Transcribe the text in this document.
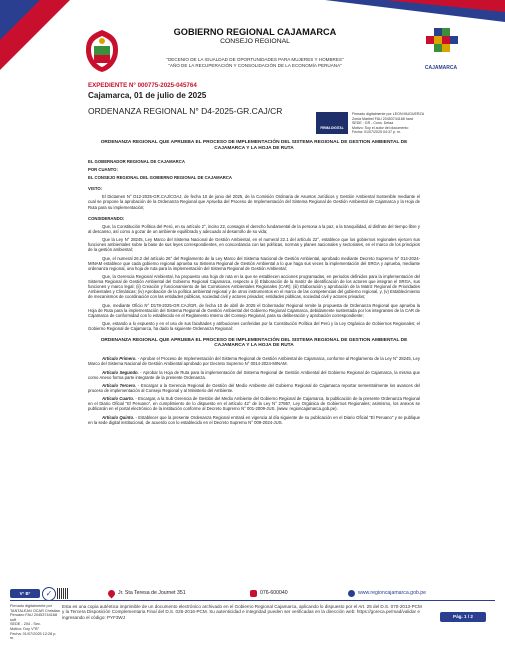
GOBIERNO REGIONAL CAJAMARCA
CONSEJO REGIONAL
"DECENIO DE LA IGUALDAD DE OPORTUNIDADES PARA MUJERES Y HOMBRES"
"AÑO DE LA RECUPERACIÓN Y CONSOLIDACIÓN DE LA ECONOMÍA PERUANA"	CAJAMARCA
EXPEDIENTE N° 000775-2025-045764
Cajamarca, 01 de julio de 2025
ORDENANZA REGIONAL N° D4-2025-GR.CAJ/CR
FIRMA DIGITAL
Firmado digitalmente por LEON MUGUERZA
Zonia Maribel FAU 20453744168 hard
SEDE : GR - Cons. Delaa
Motivo: Soy el autor del documento
Fecha: 01/07/2025 04:37 p. m.

ORDENANZA REGIONAL QUE APRUEBA EL PROCESO DE IMPLEMENTACIÓN DEL SISTEMA REGIONAL DE GESTION AMBIENTAL DE CAJAMARCA Y LA HOJA DE RUTA

EL GOBERNADOR REGIONAL DE CAJAMARCA

POR CUANTO:

EL CONSEJO REGIONAL DEL GOBIERNO REGIONAL DE CAJAMARCA

VISTO:

El Dictamen N° D12-2025-GR.CAJ/COAJ, de fecha 10 de junio del 2025, de la Comisión Ordinaria de Asuntos Jurídicos y Gestión Ambiental Sostenible mediante el cual se propone la aprobación de la Ordenanza Regional que Aprueba del Proceso de Implementación del Sistema Regional de Gestión Ambiental de Cajamarca y la Hoja de Ruta para su implementación;

CONSIDERANDO:

Que, la Constitución Política del Perú, en su artículo 2°, inciso 22, consagra el derecho fundamental de la persona a la paz, a la tranquilidad, al disfrute del tiempo libre y al descanso, así como a gozar de un ambiente equilibrado y adecuado al desarrollo de su vida;

Que la Ley N° 28245, Ley Marco del Sistema Nacional de Gestión Ambiental, en el numeral 22.1 del artículo 22°, establece que los gobiernos regionales ejercen sus funciones ambientales sobre la base de sus leyes correspondientes, en concordancia con las políticas, normas y planes nacionales y sectoriales, en el marco de los principios de la gestión ambiental;

Que, el numeral 26.2 del artículo 26° del Reglamento de la Ley Marco del Sistema Nacional de Gestión Ambiental, aprobado mediante Decreto Supremo N° 014-2024-MINAM establece que cada gobierno regional aprueba su Sistema Regional de Gestión Ambiental a lo que haga sus veces la implementación del SRGA y aprueba, mediante ordenanza regional, una hoja de ruta para la implementación del Sistema Regional de Gestión Ambiental;

Que, la Gerencia Regional Ambiental, ha propuesto una hoja de ruta en la que se establecen acciones programadas, en periodos definidos para la implementación del Sistema Regional de Gestión Ambiental del Gobierno Regional Cajamarca, respecto a (i) Elaboración de la matriz de identificación de los actores que integran el SRGA, sus funciones y marco legal; (ii) Creación y funcionamiento de las Comisiones Ambientales Regionales (CAR); (iii) Elaboración y aprobación de la Matriz Regional de Prioridades Ambientales y Climáticas; (iv) Aprobación de la política ambiental regional y de otros instrumentos en el marco de las competencias del gobierno regional, y, (v) Establecimiento de mecanismos de coordinación con las entidades públicas, sociedad civil y actores privados; entidades públicas, sociedad civil y actores privados;

Que, mediante Oficio N° D178-2025-GR.CAJ/GR, de fecha 10 de abril de 2025 el Gobernador Regional remite la propuesta de Ordenanza Regional que aprueba la Hoja de Ruta para la implementación del Sistema Regional de Gestión Ambiental del Gobierno Regional Cajamarca, debidamente sustentada por los integrantes de la CAR de Cajamarca de conformidad con lo establecido en el Reglamento Interno del Consejo Regional, para su deliberación y aprobación correspondiente;

Que, estando a lo expuesto y en el uso de sus facultades y atribuciones conferidas por la Constitución Política del Perú y la Ley Orgánica de Gobiernos Regionales; el Gobierno Regional de Cajamarca, ha dado la siguiente Ordenanza Regional:

ORDENANZA REGIONAL QUE APRUEBA EL PROCESO DE IMPLEMENTACIÓN DEL SISTEMA REGIONAL DE GESTION AMBIENTAL DE CAJAMARCA Y LA HOJA DE RUTA

Artículo Primero. - Aprobar el Proceso de Implementación del Sistema Regional de Gestión Ambiental de Cajamarca, conforme al Reglamento de la Ley N° 28245, Ley Marco del Sistema Nacional de Gestión Ambiental aprobado por Decreto Supremo N° 0014-2024-MINAM.

Artículo Segundo. - Aprobar la Hoja de Ruta para la implementación del Sistema Regional de Gestión Ambiental del Gobierno Regional de Cajamarca, la misma que como Anexo forma parte integrante de la presente Ordenanza.

Artículo Tercero. - Encargar a la Gerencia Regional de Gestión del Medio Ambiente del Gobierno Regional de Cajamarca reportar semestralmente los avances del proceso de implementación al Consejo Regional y al Ministerio del Ambiente.

Artículo Cuarto. - Encargar, a la Sub Gerencia de Gestión del Medio Ambiente del Gobierno Regional de Cajamarca, la publicación de la presente Ordenanza Regional en el Diario Oficial "El Peruano", en cumplimiento de lo dispuesto en el artículo 42° de la Ley N° 27867, Ley Orgánica de Gobiernos Regionales; asimismo, los anexos se publicarán en el portal electrónico de la institución conforme al Decreto Supremo N° 001-2009-JUS. (www. regioncajamarca.gob.pe).

Artículo Quinto. - Establecer que la presente Ordenanza Regional entrará en vigencia al día siguiente de su publicación en el Diario Oficial "El Peruano" y se publique en la sede digital institucional, de acuerdo con lo establecido en el Decreto Supremo N° 009-2024-JUS.

V° B°	✓	Jr. Sta Teresa de Journet 351	076-600040	www.regioncajamarca.gob.pe
Firmado digitalmente por TANTALEAN OCAR Christian
Peruano FAU 20453744168 soft
SEDE - 204 - Sec.
Motivo: Doy V°B°
Fecha: 01/07/2025 12:28 p. m.
Esta es una copia auténtica imprimible de un documento electrónico archivado en el Gobierno Regional Cajamarca, aplicando lo dispuesto por el Art. 25 del D.S. 070-2013-PCM y la Tercera Disposición Complementaria Final del D.S. 026-2016-PCM. Su autenticidad e integridad pueden ser verificadas en la dirección web: https://goreca.pe/mad/validar e ingresando el código: PYF3WJ	Pág. 1 / 2
